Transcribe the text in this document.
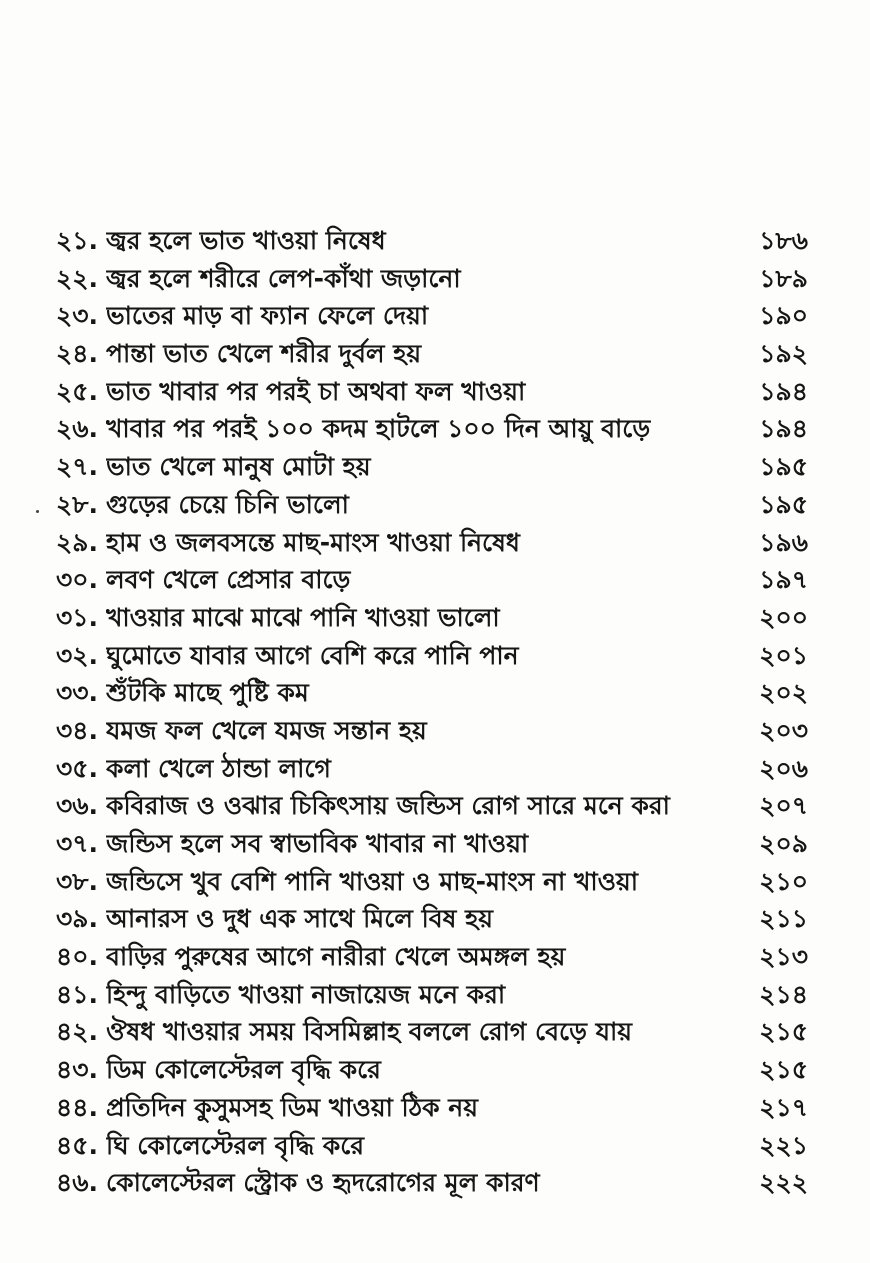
২১. জ্বর হলে ভাত খাওয়া নিষেধ	১৮৬
২২. জ্বর হলে শরীরে লেপ-কাঁথা জড়ানো	১৮৯
২৩. ভাতের মাড় বা ফ্যান ফেলে দেয়া	১৯০
২৪. পান্তা ভাত খেলে শরীর দুর্বল হয়	১৯২
২৫. ভাত খাবার পর পরই চা অথবা ফল খাওয়া	১৯৪
২৬. খাবার পর পরই ১০০ কদম হাটলে ১০০ দিন আয়ু বাড়ে	১৯৪
২৭. ভাত খেলে মানুষ মোটা হয়	১৯৫
২৮. গুড়ের চেয়ে চিনি ভালো	১৯৫
২৯. হাম ও জলবসন্তে মাছ-মাংস খাওয়া নিষেধ	১৯৬
৩০. লবণ খেলে প্রেসার বাড়ে	১৯৭
৩১. খাওয়ার মাঝে মাঝে পানি খাওয়া ভালো	২০০
৩২. ঘুমোতে যাবার আগে বেশি করে পানি পান	২০১
৩৩. শুঁটকি মাছে পুষ্টি কম	২০২
৩৪. যমজ ফল খেলে যমজ সন্তান হয়	২০৩
৩৫. কলা খেলে ঠান্ডা লাগে	২০৬
৩৬. কবিরাজ ও ওঝার চিকিৎসায় জন্ডিস রোগ সারে মনে করা	২০৭
৩৭. জন্ডিস হলে সব স্বাভাবিক খাবার না খাওয়া	২০৯
৩৮. জন্ডিসে খুব বেশি পানি খাওয়া ও মাছ-মাংস না খাওয়া	২১০
৩৯. আনারস ও দুধ এক সাথে মিলে বিষ হয়	২১১
৪০. বাড়ির পুরুষের আগে নারীরা খেলে অমঙ্গল হয়	২১৩
৪১. হিন্দু বাড়িতে খাওয়া নাজায়েজ মনে করা	২১৪
৪২. ঔষধ খাওয়ার সময় বিসমিল্লাহ বললে রোগ বেড়ে যায়	২১৫
৪৩. ডিম কোলেস্টেরল বৃদ্ধি করে	২১৫
৪৪. প্রতিদিন কুসুমসহ ডিম খাওয়া ঠিক নয়	২১৭
৪৫. ঘি কোলেস্টেরল বৃদ্ধি করে	২২১
৪৬. কোলেস্টেরল স্ট্রোক ও হৃদরোগের মূল কারণ	২২২
